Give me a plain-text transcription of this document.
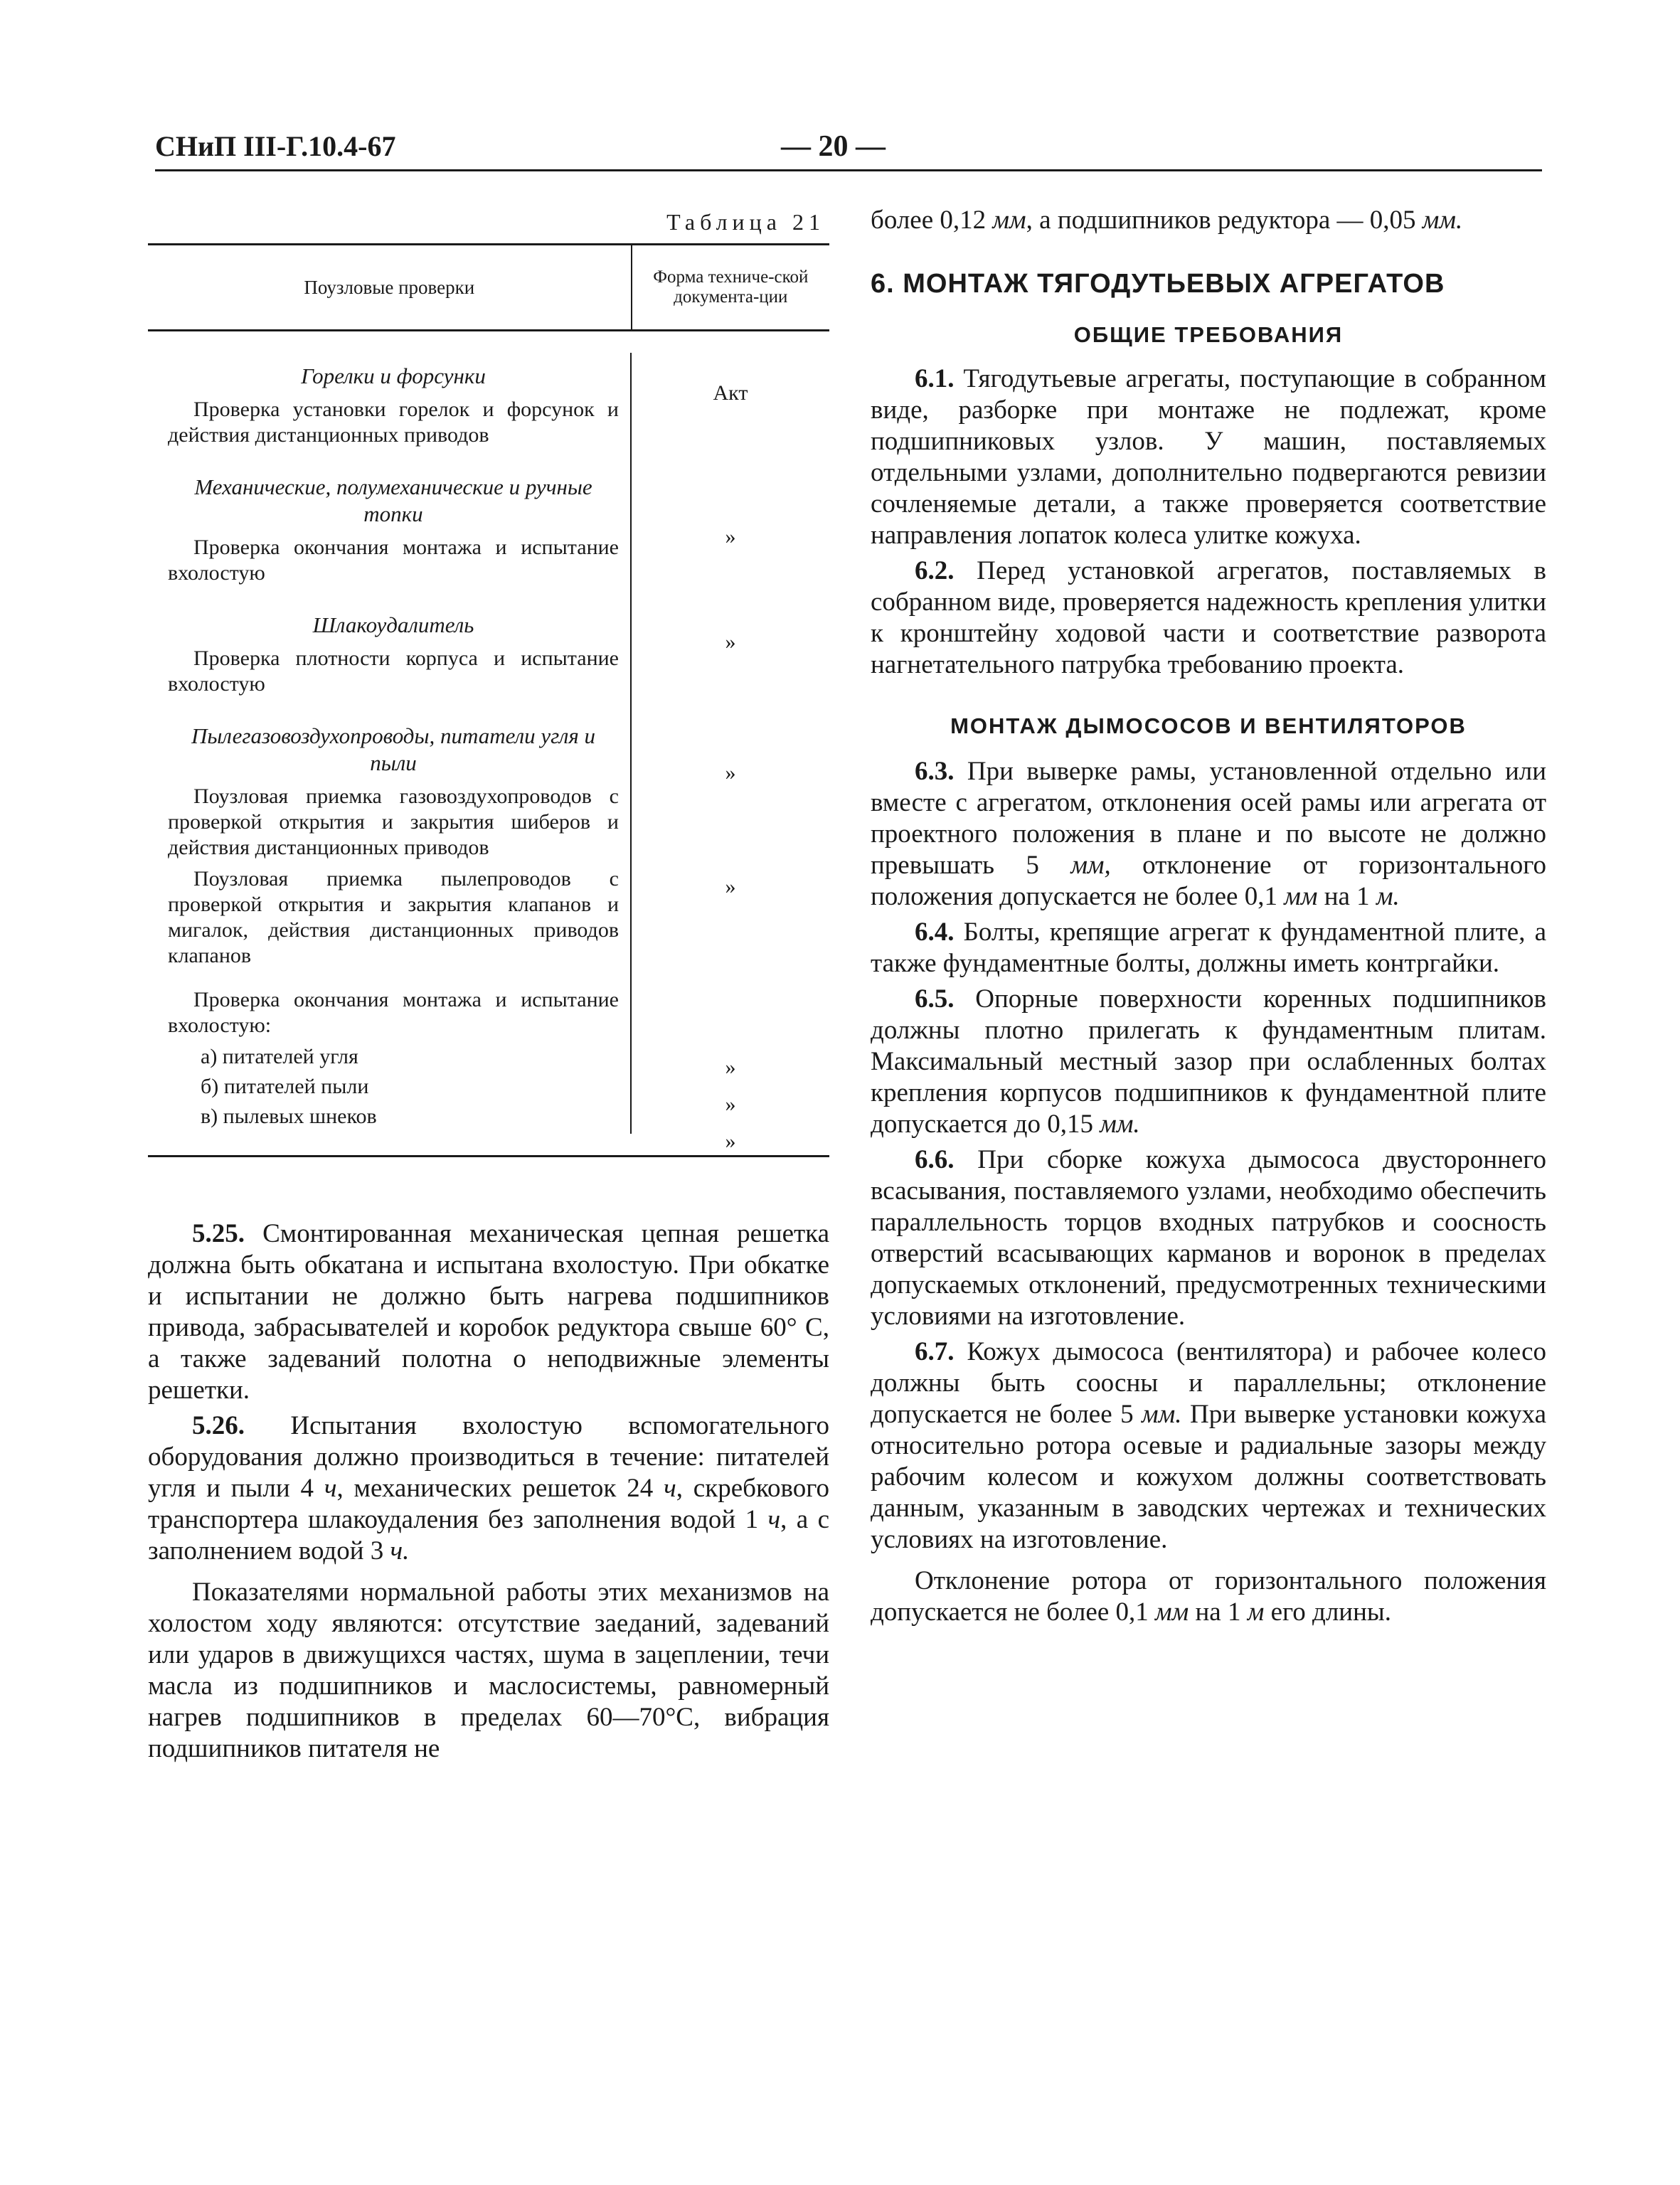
СНиП III-Г.10.4-67	— 20 —
Таблица 21
Поузловые проверки	Форма техниче-ской документа-ции
Горелки и форсунки
Проверка установки горелок и форсунок и действия дистанционных приводов
Механические, полумеханические и ручные топки
Проверка окончания монтажа и испытание вхолостую
Шлакоудалитель
Проверка плотности корпуса и испытание вхолостую
Пылегазовоздухопроводы, питатели угля и пыли
Поузловая приемка газовоздухопроводов с проверкой открытия и закрытия шиберов и действия дистанционных приводов
Поузловая приемка пылепроводов с проверкой открытия и закрытия клапанов и мигалок, действия дистанционных приводов клапанов
Проверка окончания монтажа и испытание вхолостую:
а) питателей угля
б) питателей пыли
в) пылевых шнеков
Акт
»
»
»
»
»
»
»

5.25. Смонтированная механическая цепная решетка должна быть обкатана и испытана вхолостую. При обкатке и испытании не должно быть нагрева подшипников привода, забрасывателей и коробок редуктора свыше 60° С, а также задеваний полотна о неподвижные элементы решетки.

5.26. Испытания вхолостую вспомогательного оборудования должно производиться в течение: питателей угля и пыли 4 ч, механических решеток 24 ч, скребкового транспортера шлакоудаления без заполнения водой 1 ч, а с заполнением водой 3 ч.

Показателями нормальной работы этих механизмов на холостом ходу являются: отсутствие заеданий, задеваний или ударов в движущихся частях, шума в зацеплении, течи масла из подшипников и маслосистемы, равномерный нагрев подшипников в пределах 60—70°С, вибрация подшипников питателя не

более 0,12 мм, а подшипников редуктора — 0,05 мм.

6. МОНТАЖ ТЯГОДУТЬЕВЫХ АГРЕГАТОВ
ОБЩИЕ ТРЕБОВАНИЯ

6.1. Тягодутьевые агрегаты, поступающие в собранном виде, разборке при монтаже не подлежат, кроме подшипниковых узлов. У машин, поставляемых отдельными узлами, дополнительно подвергаются ревизии сочленяемые детали, а также проверяется соответствие направления лопаток колеса улитке кожуха.

6.2. Перед установкой агрегатов, поставляемых в собранном виде, проверяется надежность крепления улитки к кронштейну ходовой части и соответствие разворота нагнетательного патрубка требованию проекта.

МОНТАЖ ДЫМОСОСОВ И ВЕНТИЛЯТОРОВ

6.3. При выверке рамы, установленной отдельно или вместе с агрегатом, отклонения осей рамы или агрегата от проектного положения в плане и по высоте не должно превышать 5 мм, отклонение от горизонтального положения допускается не более 0,1 мм на 1 м.

6.4. Болты, крепящие агрегат к фундаментной плите, а также фундаментные болты, должны иметь контргайки.

6.5. Опорные поверхности коренных подшипников должны плотно прилегать к фундаментным плитам. Максимальный местный зазор при ослабленных болтах крепления корпусов подшипников к фундаментной плите допускается до 0,15 мм.

6.6. При сборке кожуха дымососа двустороннего всасывания, поставляемого узлами, необходимо обеспечить параллельность торцов входных патрубков и соосность отверстий всасывающих карманов и воронок в пределах допускаемых отклонений, предусмотренных техническими условиями на изготовление.

6.7. Кожух дымососа (вентилятора) и рабочее колесо должны быть соосны и параллельны; отклонение допускается не более 5 мм. При выверке установки кожуха относительно ротора осевые и радиальные зазоры между рабочим колесом и кожухом должны соответствовать данным, указанным в заводских чертежах и технических условиях на изготовление.

Отклонение ротора от горизонтального положения допускается не более 0,1 мм на 1 м его длины.
